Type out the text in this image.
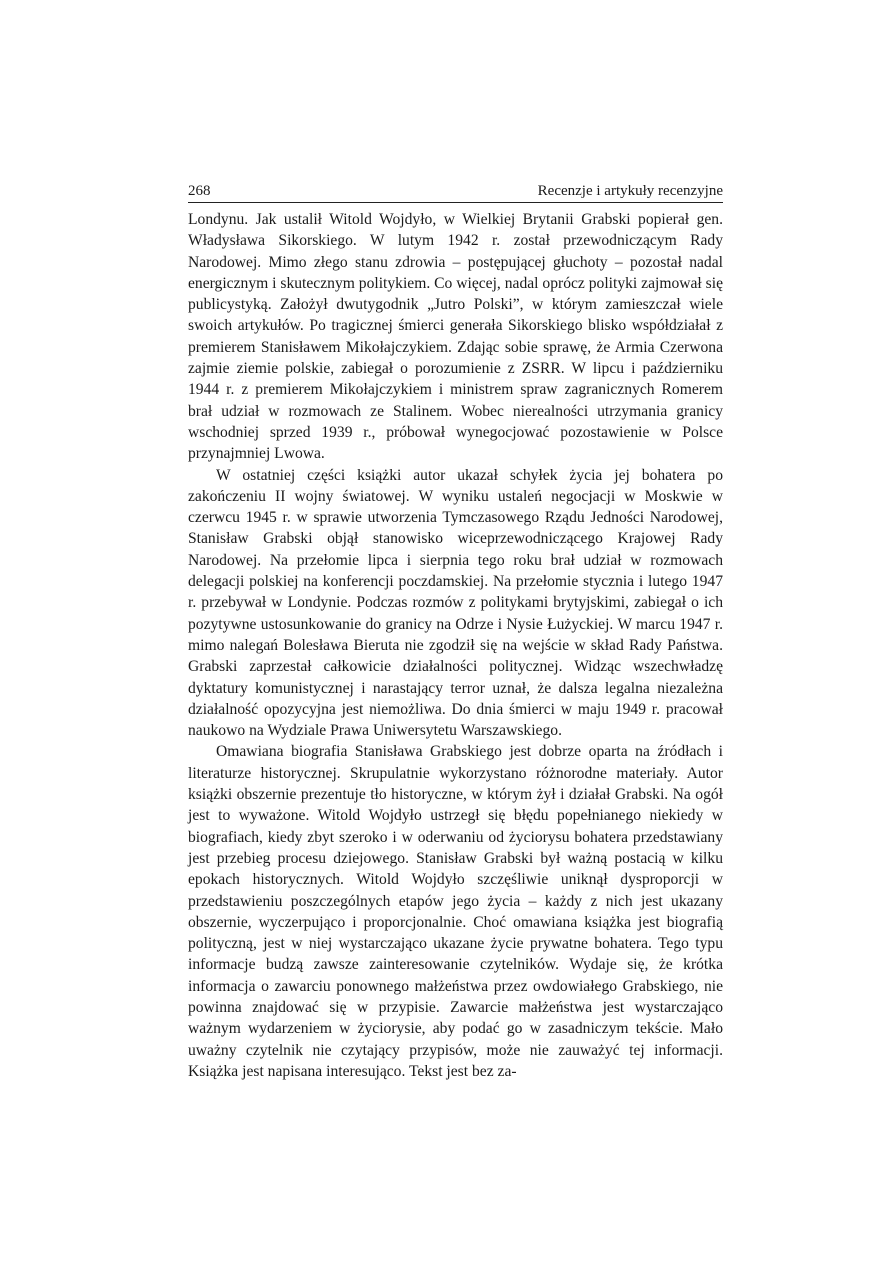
268	Recenzje i artykuły recenzyjne

Londynu. Jak ustalił Witold Wojdyło, w Wielkiej Brytanii Grabski popierał gen. Władysława Sikorskiego. W lutym 1942 r. został przewodniczącym Rady Narodowej. Mimo złego stanu zdrowia – postępującej głuchoty – pozostał nadal energicznym i skutecznym politykiem. Co więcej, nadal oprócz polityki zajmował się publicystyką. Założył dwutygodnik „Jutro Polski”, w którym zamieszczał wiele swoich artykułów. Po tragicznej śmierci generała Sikorskiego blisko współdziałał z premierem Stanisławem Mikołajczykiem. Zdając sobie sprawę, że Armia Czerwona zajmie ziemie polskie, zabiegał o porozumienie z ZSRR. W lipcu i październiku 1944 r. z premierem Mikołajczykiem i ministrem spraw zagranicznych Romerem brał udział w rozmowach ze Stalinem. Wobec nierealności utrzymania granicy wschodniej sprzed 1939 r., próbował wynegocjować pozostawienie w Polsce przynajmniej Lwowa.

W ostatniej części książki autor ukazał schyłek życia jej bohatera po zakończeniu II wojny światowej. W wyniku ustaleń negocjacji w Moskwie w czerwcu 1945 r. w sprawie utworzenia Tymczasowego Rządu Jedności Narodowej, Stanisław Grabski objął stanowisko wiceprzewodniczącego Krajowej Rady Narodowej. Na przełomie lipca i sierpnia tego roku brał udział w rozmowach delegacji polskiej na konferencji poczdamskiej. Na przełomie stycznia i lutego 1947 r. przebywał w Londynie. Podczas rozmów z politykami brytyjskimi, zabiegał o ich pozytywne ustosunkowanie do granicy na Odrze i Nysie Łużyckiej. W marcu 1947 r. mimo nalegań Bolesława Bieruta nie zgodził się na wejście w skład Rady Państwa. Grabski zaprzestał całkowicie działalności politycznej. Widząc wszechwładzę dyktatury komunistycznej i narastający terror uznał, że dalsza legalna niezależna działalność opozycyjna jest niemożliwa. Do dnia śmierci w maju 1949 r. pracował naukowo na Wydziale Prawa Uniwersytetu Warszawskiego.

Omawiana biografia Stanisława Grabskiego jest dobrze oparta na źródłach i literaturze historycznej. Skrupulatnie wykorzystano różnorodne materiały. Autor książki obszernie prezentuje tło historyczne, w którym żył i działał Grabski. Na ogół jest to wyważone. Witold Wojdyło ustrzegł się błędu popełnianego niekiedy w biografiach, kiedy zbyt szeroko i w oderwaniu od życiorysu bohatera przedstawiany jest przebieg procesu dziejowego. Stanisław Grabski był ważną postacią w kilku epokach historycznych. Witold Wojdyło szczęśliwie uniknął dysproporcji w przedstawieniu poszczególnych etapów jego życia – każdy z nich jest ukazany obszernie, wyczerpująco i proporcjonalnie. Choć omawiana książka jest biografią polityczną, jest w niej wystarczająco ukazane życie prywatne bohatera. Tego typu informacje budzą zawsze zainteresowanie czytelników. Wydaje się, że krótka informacja o zawarciu ponownego małżeństwa przez owdowiałego Grabskiego, nie powinna znajdować się w przypisie. Zawarcie małżeństwa jest wystarczająco ważnym wydarzeniem w życiorysie, aby podać go w zasadniczym tekście. Mało uważny czytelnik nie czytający przypisów, może nie zauważyć tej informacji. Książka jest napisana interesująco. Tekst jest bez za-
